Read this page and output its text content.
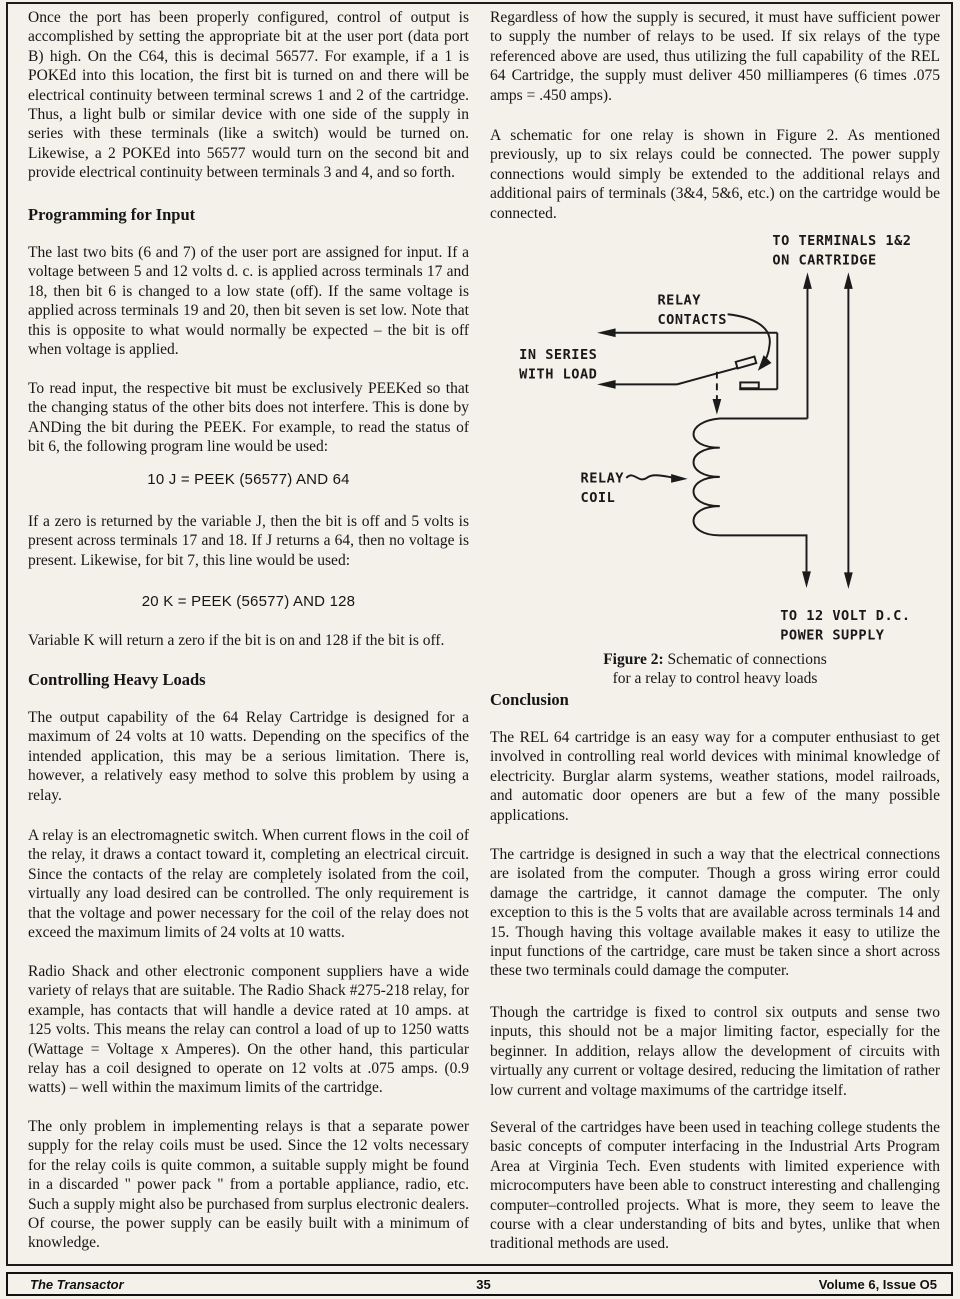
Once the port has been properly configured, control of output is accomplished by setting the appropriate bit at the user port (data port B) high. On the C64, this is decimal 56577. For example, if a 1 is POKEd into this location, the first bit is turned on and there will be electrical continuity between terminal screws 1 and 2 of the cartridge. Thus, a light bulb or similar device with one side of the supply in series with these terminals (like a switch) would be turned on. Likewise, a 2 POKEd into 56577 would turn on the second bit and provide electrical continuity between terminals 3 and 4, and so forth.

Programming for Input

The last two bits (6 and 7) of the user port are assigned for input. If a voltage between 5 and 12 volts d. c. is applied across terminals 17 and 18, then bit 6 is changed to a low state (off). If the same voltage is applied across terminals 19 and 20, then bit seven is set low. Note that this is opposite to what would normally be expected – the bit is off when voltage is applied.

To read input, the respective bit must be exclusively PEEKed so that the changing status of the other bits does not interfere. This is done by ANDing the bit during the PEEK. For example, to read the status of bit 6, the following program line would be used:

10 J = PEEK (56577) AND 64

If a zero is returned by the variable J, then the bit is off and 5 volts is present across terminals 17 and 18. If J returns a 64, then no voltage is present. Likewise, for bit 7, this line would be used:

20 K = PEEK (56577) AND 128

Variable K will return a zero if the bit is on and 128 if the bit is off.

Controlling Heavy Loads

The output capability of the 64 Relay Cartridge is designed for a maximum of 24 volts at 10 watts. Depending on the specifics of the intended application, this may be a serious limitation. There is, however, a relatively easy method to solve this problem by using a relay.

A relay is an electromagnetic switch. When current flows in the coil of the relay, it draws a contact toward it, completing an electrical circuit. Since the contacts of the relay are completely isolated from the coil, virtually any load desired can be controlled. The only requirement is that the voltage and power necessary for the coil of the relay does not exceed the maximum limits of 24 volts at 10 watts.

Radio Shack and other electronic component suppliers have a wide variety of relays that are suitable. The Radio Shack #275-218 relay, for example, has contacts that will handle a device rated at 10 amps. at 125 volts. This means the relay can control a load of up to 1250 watts (Wattage = Voltage x Amperes). On the other hand, this particular relay has a coil designed to operate on 12 volts at .075 amps. (0.9 watts) – well within the maximum limits of the cartridge.

The only problem in implementing relays is that a separate power supply for the relay coils must be used. Since the 12 volts necessary for the relay coils is quite common, a suitable supply might be found in a discarded " power pack " from a portable appliance, radio, etc. Such a supply might also be purchased from surplus electronic dealers. Of course, the power supply can be easily built with a minimum of knowledge.

Regardless of how the supply is secured, it must have sufficient power to supply the number of relays to be used. If six relays of the type referenced above are used, thus utilizing the full capability of the REL 64 Cartridge, the supply must deliver 450 milliamperes (6 times .075 amps = .450 amps).

A schematic for one relay is shown in Figure 2. As mentioned previously, up to six relays could be connected. The power supply connections would simply be extended to the additional relays and additional pairs of terminals (3&4, 5&6, etc.) on the cartridge would be connected.

TO TERMINALS 1&2
ON CARTRIDGE
RELAY
CONTACTS
IN SERIES
WITH LOAD
RELAY
COIL
TO 12 VOLT D.C.
POWER SUPPLY
Figure 2: Schematic of connections
for a relay to control heavy loads
Conclusion

The REL 64 cartridge is an easy way for a computer enthusiast to get involved in controlling real world devices with minimal knowledge of electricity. Burglar alarm systems, weather stations, model railroads, and automatic door openers are but a few of the many possible applications.

The cartridge is designed in such a way that the electrical connections are isolated from the computer. Though a gross wiring error could damage the cartridge, it cannot damage the computer. The only exception to this is the 5 volts that are available across terminals 14 and 15. Though having this voltage available makes it easy to utilize the input functions of the cartridge, care must be taken since a short across these two terminals could damage the computer.

Though the cartridge is fixed to control six outputs and sense two inputs, this should not be a major limiting factor, especially for the beginner. In addition, relays allow the development of circuits with virtually any current or voltage desired, reducing the limitation of rather low current and voltage maximums of the cartridge itself.

Several of the cartridges have been used in teaching college students the basic concepts of computer interfacing in the Industrial Arts Program Area at Virginia Tech. Even students with limited experience with microcomputers have been able to construct interesting and challenging computer–controlled projects. What is more, they seem to leave the course with a clear understanding of bits and bytes, unlike that when traditional methods are used.

The Transactor	35	Volume 6, Issue O5
